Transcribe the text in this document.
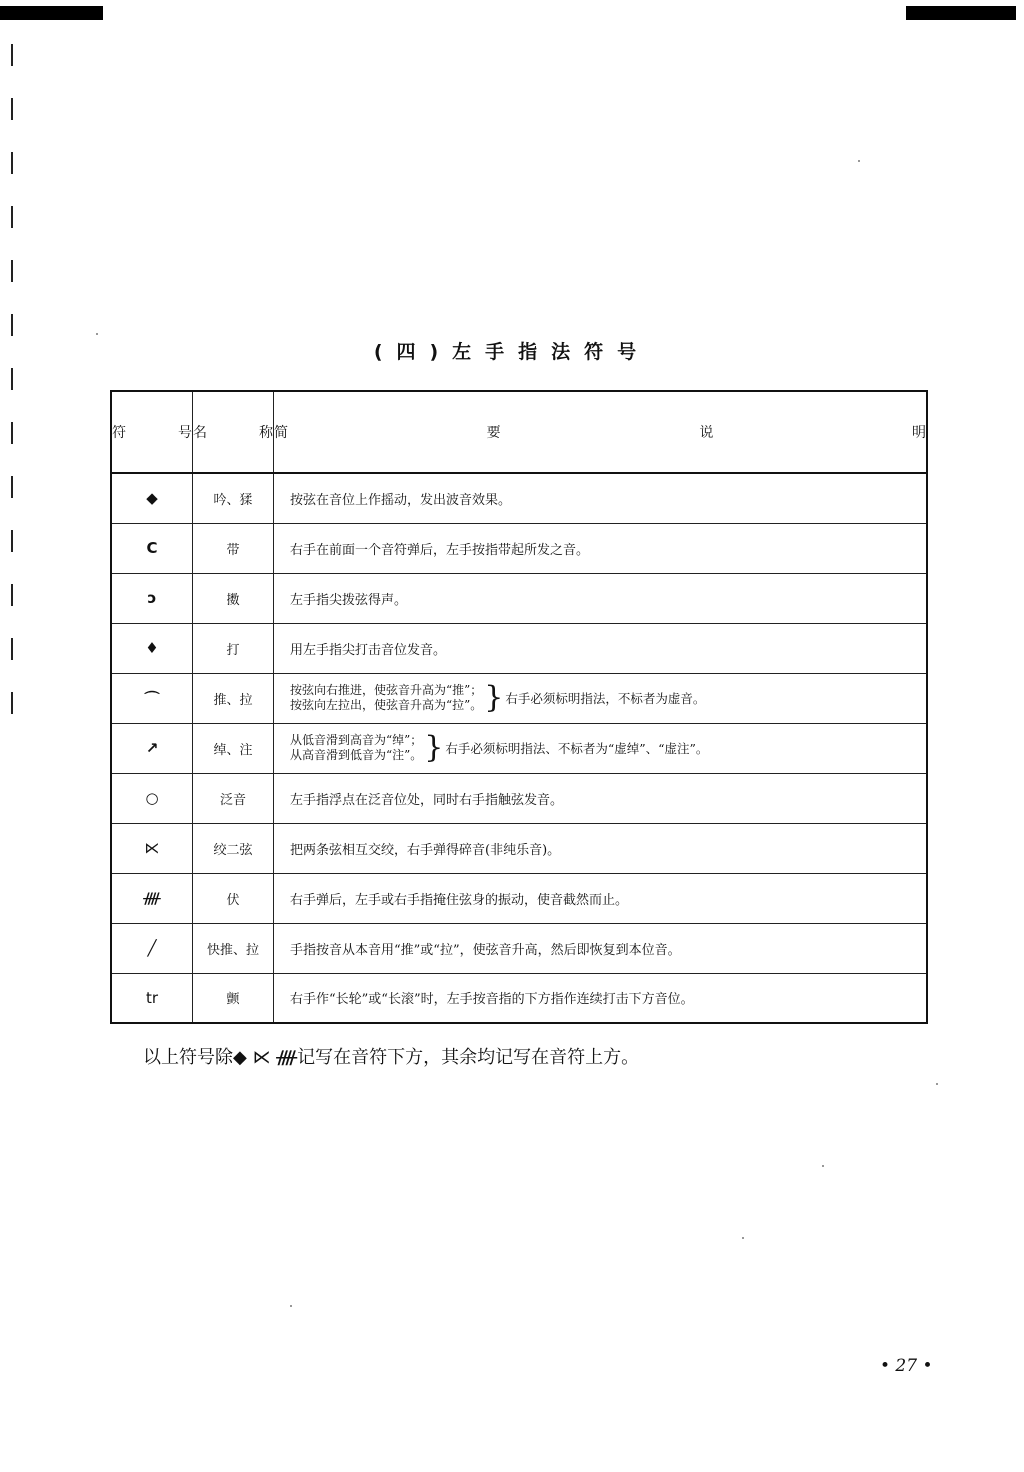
(四)左手指法符号
符号	名称	简要说明
◆	吟、猱	按弦在音位上作摇动，发出波音效果。
C	带	右手在前面一个音符弹后，左手按指带起所发之音。
ↄ	擞	左手指尖拨弦得声。
♦	打	用左手指尖打击音位发音。
⌒	推、拉	按弦向右推进，使弦音升高为“推”；
按弦向左拉出，使弦音升高为“拉”。 } 右手必须标明指法，不标者为虚音。

↗	绰、注	从低音滑到高音为“绰”；
从高音滑到低音为“注”。 } 右手必须标明指法、不标者为“虚绰”、“虚注”。

○	泛音	左手指浮点在泛音位处，同时右手指触弦发音。
⋉	绞二弦	把两条弦相互交绞，右手弹得碎音(非纯乐音)。
ᚎ	伏	右手弹后，左手或右手指掩住弦身的振动，使音截然而止。
╱	快推、拉	手指按音从本音用“推”或“拉”，使弦音升高，然后即恢复到本位音。
tr	颤	右手作“长轮”或“长滚”时，左手按音指的下方指作连续打击下方音位。
以上符号除◆ ⋉ ᚎ记写在音符下方，其余均记写在音符上方。
• 27 •
